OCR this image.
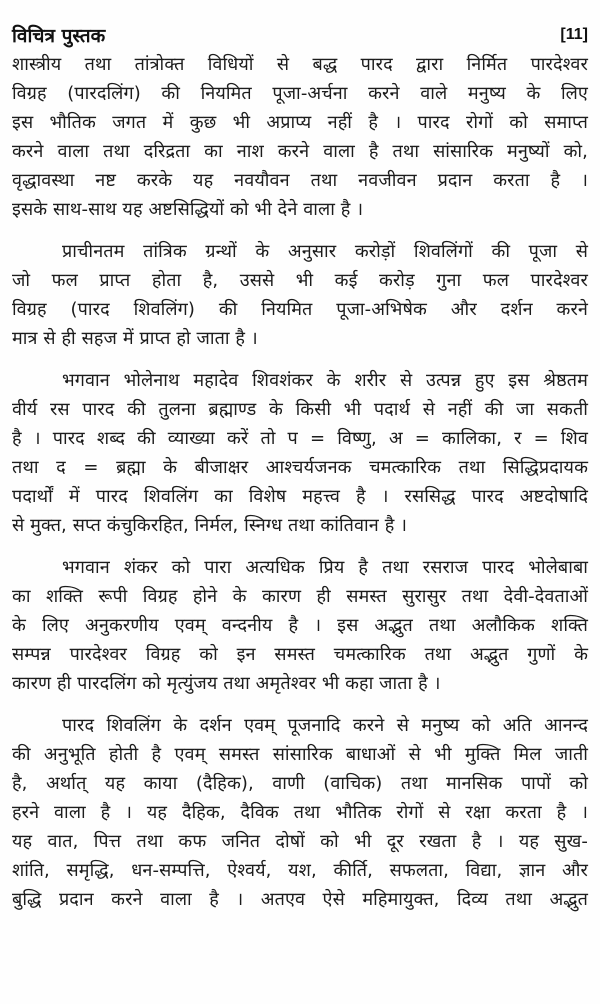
विचित्र पुस्तक	[11]
शास्त्रीय तथा तांत्रोक्त विधियों से बद्ध पारद द्वारा निर्मित पारदेश्वर
विग्रह (पारदलिंग) की नियमित पूजा-अर्चना करने वाले मनुष्य के लिए
इस भौतिक जगत में कुछ भी अप्राप्य नहीं है । पारद रोगों को समाप्त
करने वाला तथा दरिद्रता का नाश करने वाला है तथा सांसारिक मनुष्यों को,
वृद्धावस्था नष्ट करके यह नवयौवन तथा नवजीवन प्रदान करता है ।
इसके साथ-साथ यह अष्टसिद्धियों को भी देने वाला है ।
प्राचीनतम तांत्रिक ग्रन्थों के अनुसार करोड़ों शिवलिंगों की पूजा से
जो फल प्राप्त होता है, उससे भी कई करोड़ गुना फल पारदेश्वर
विग्रह (पारद शिवलिंग) की नियमित पूजा-अभिषेक और दर्शन करने
मात्र से ही सहज में प्राप्त हो जाता है ।
भगवान भोलेनाथ महादेव शिवशंकर के शरीर से उत्पन्न हुए इस श्रेष्ठतम
वीर्य रस पारद की तुलना ब्रह्माण्ड के किसी भी पदार्थ से नहीं की जा सकती
है । पारद शब्द की व्याख्या करें तो प = विष्णु, अ = कालिका, र = शिव
तथा द = ब्रह्मा के बीजाक्षर आश्चर्यजनक चमत्कारिक तथा सिद्धिप्रदायक
पदार्थों में पारद शिवलिंग का विशेष महत्त्व है । रससिद्ध पारद अष्टदोषादि
से मुक्त, सप्त कंचुकिरहित, निर्मल, स्निग्ध तथा कांतिवान है ।
भगवान शंकर को पारा अत्यधिक प्रिय है तथा रसराज पारद भोलेबाबा
का शक्ति रूपी विग्रह होने के कारण ही समस्त सुरासुर तथा देवी-देवताओं
के लिए अनुकरणीय एवम् वन्दनीय है । इस अद्भुत तथा अलौकिक शक्ति
सम्पन्न पारदेश्वर विग्रह को इन समस्त चमत्कारिक तथा अद्भुत गुणों के
कारण ही पारदलिंग को मृत्युंजय तथा अमृतेश्वर भी कहा जाता है ।
पारद शिवलिंग के दर्शन एवम् पूजनादि करने से मनुष्य को अति आनन्द
की अनुभूति होती है एवम् समस्त सांसारिक बाधाओं से भी मुक्ति मिल जाती
है, अर्थात् यह काया (दैहिक), वाणी (वाचिक) तथा मानसिक पापों को
हरने वाला है । यह दैहिक, दैविक तथा भौतिक रोगों से रक्षा करता है ।
यह वात, पित्त तथा कफ जनित दोषों को भी दूर रखता है । यह सुख-
शांति, समृद्धि, धन-सम्पत्ति, ऐश्वर्य, यश, कीर्ति, सफलता, विद्या, ज्ञान और
बुद्धि प्रदान करने वाला है । अतएव ऐसे महिमायुक्त, दिव्य तथा अद्भुत
